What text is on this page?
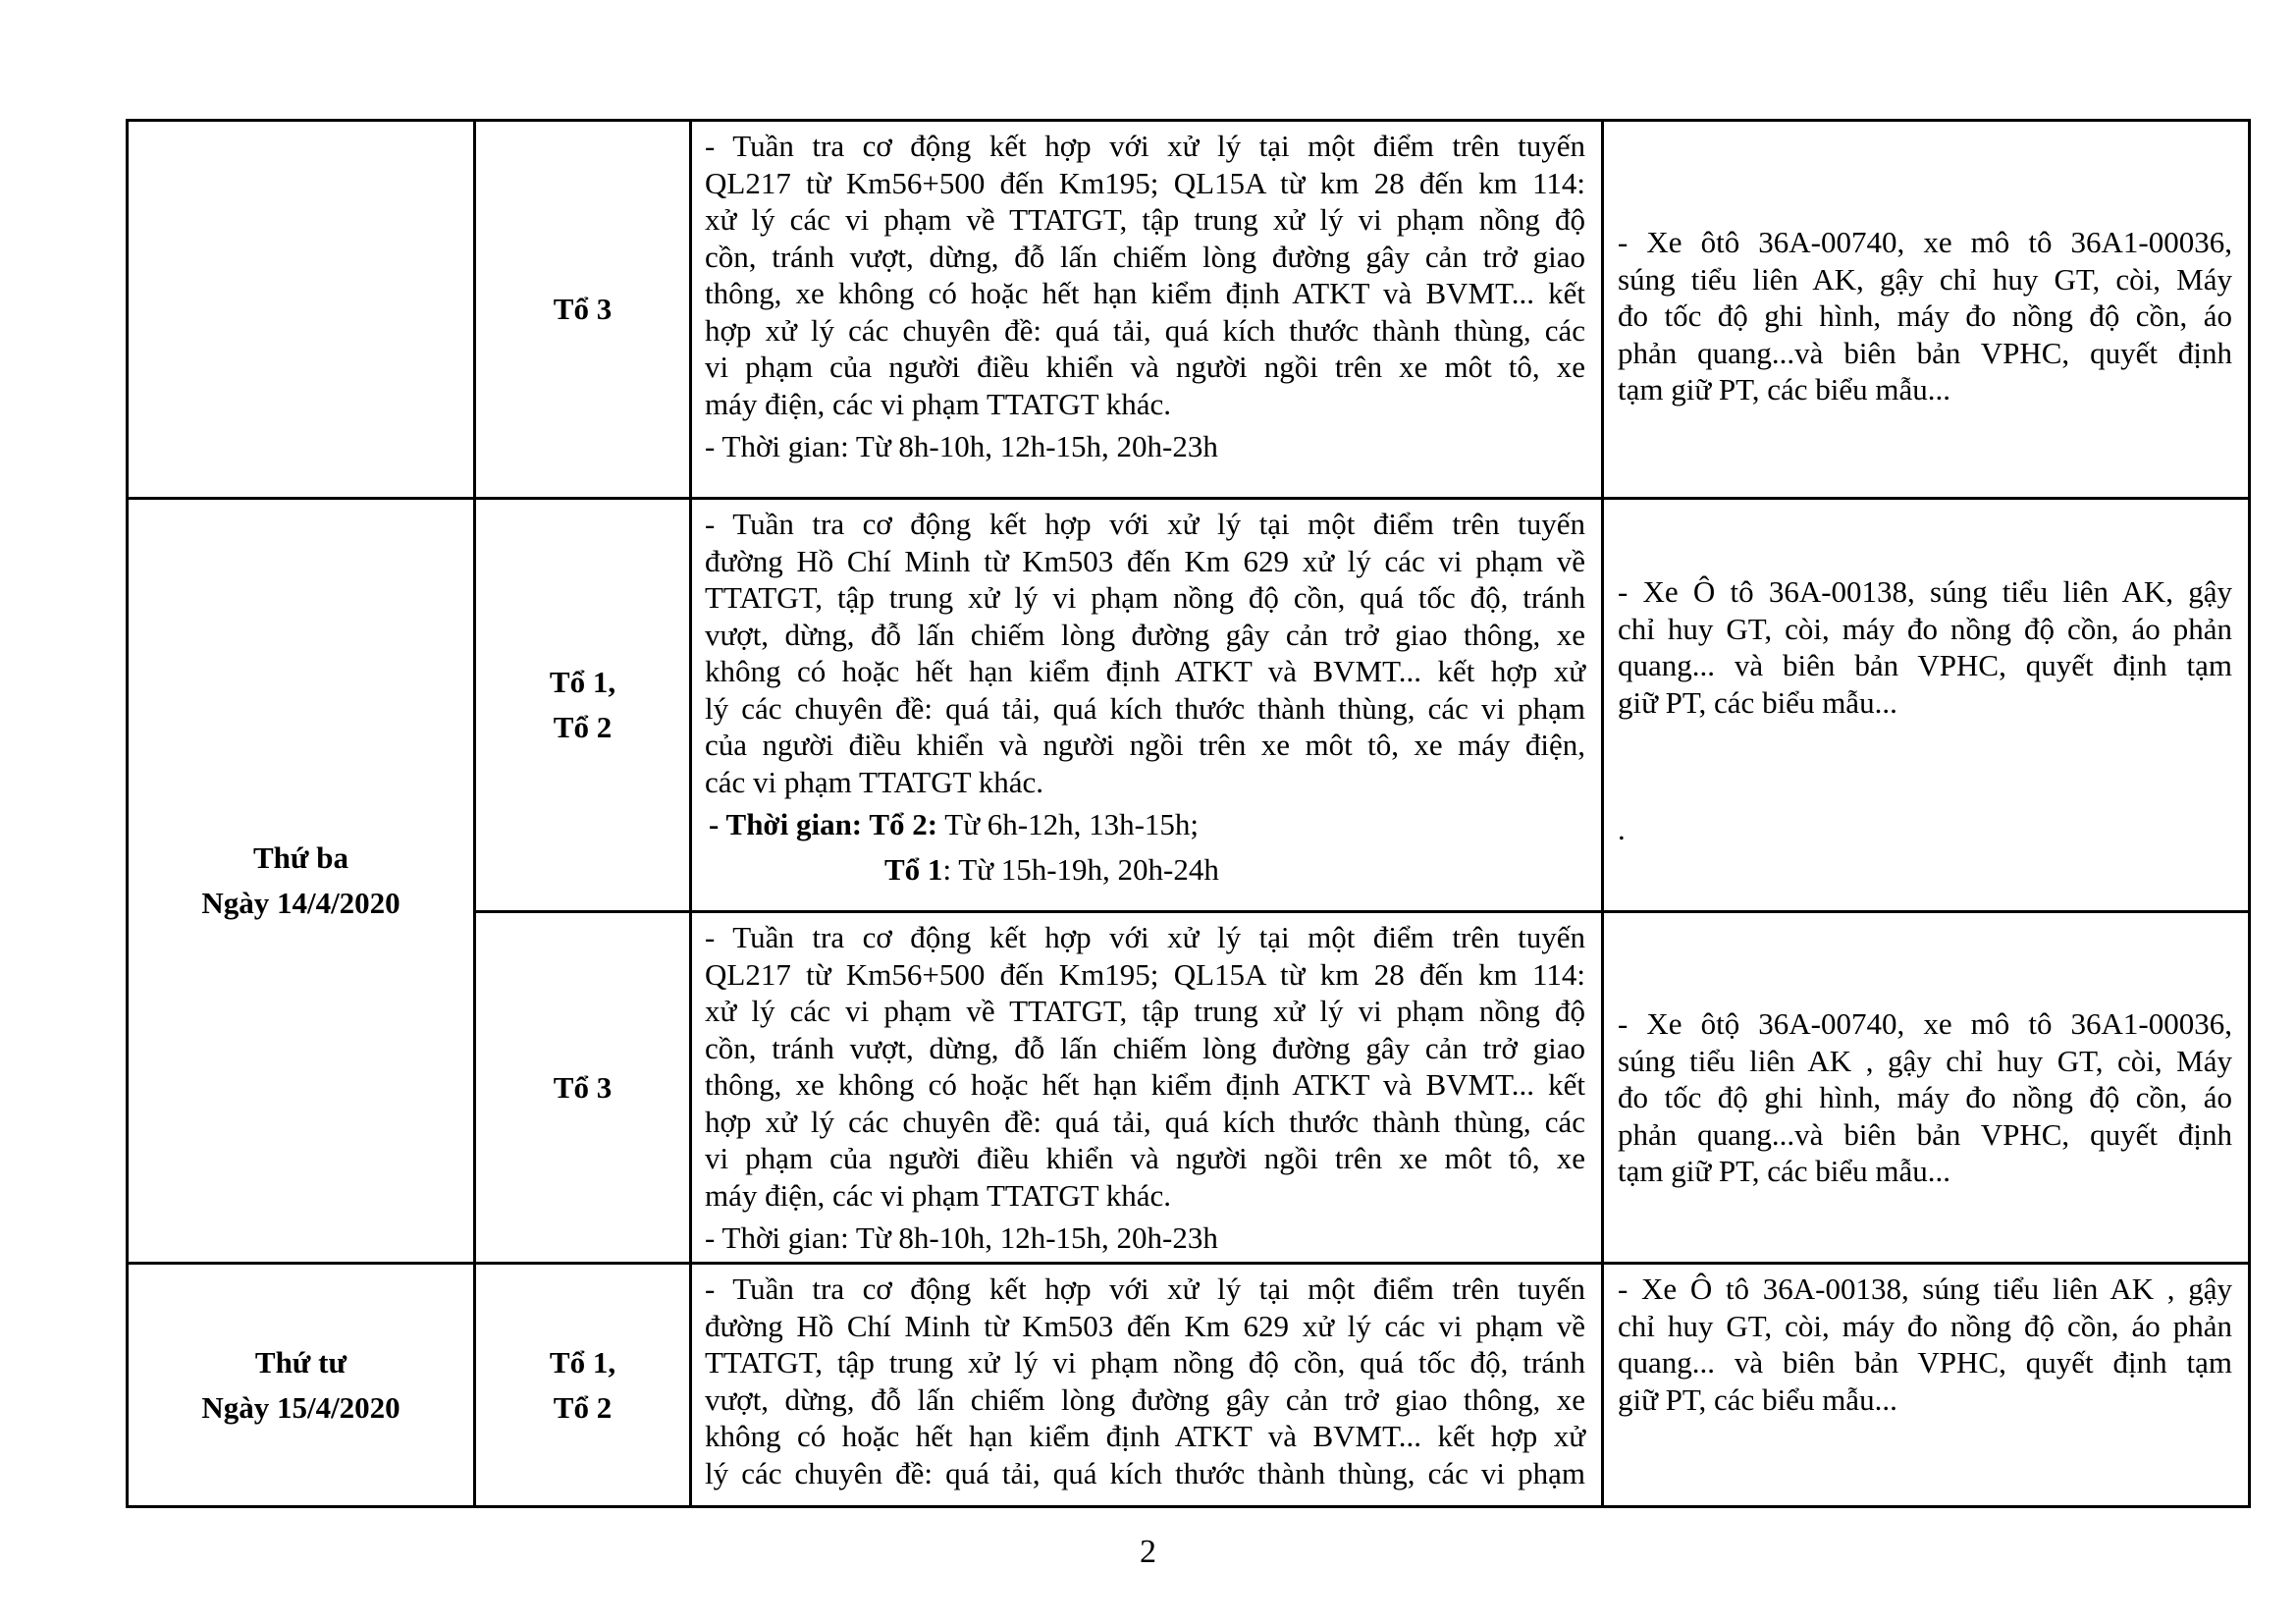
Tổ 3
- Tuần tra cơ động kết hợp với xử lý tại một điểm trên tuyến
QL217 từ Km56+500 đến Km195; QL15A từ km 28 đến km 114:
xử lý các vi phạm về TTATGT, tập trung xử lý vi phạm nồng độ
cồn, tránh vượt, dừng, đỗ lấn chiếm lòng đường gây cản trở giao
thông, xe không có hoặc hết hạn kiểm định ATKT và BVMT... kết
hợp xử lý các chuyên đề: quá tải, quá kích thước thành thùng, các
vi phạm của người điều khiển và người ngồi trên xe môt tô, xe
máy điện, các vi phạm TTATGT khác.
- Thời gian: Từ 8h-10h, 12h-15h, 20h-23h
- Xe ôtô 36A-00740, xe mô tô 36A1-00036,
súng tiểu liên AK, gậy chỉ huy GT, còi, Máy
đo tốc độ ghi hình, máy đo nồng độ cồn, áo
phản quang...và biên bản VPHC, quyết định
tạm giữ PT, các biểu mẫu...
Thứ ba
Ngày 14/4/2020
Tổ 1,
Tổ 2
- Tuần tra cơ động kết hợp với xử lý tại một điểm trên tuyến
đường Hồ Chí Minh từ Km503 đến Km 629 xử lý các vi phạm về
TTATGT, tập trung xử lý vi phạm nồng độ cồn, quá tốc độ, tránh
vượt, dừng, đỗ lấn chiếm lòng đường gây cản trở giao thông, xe
không có hoặc hết hạn kiểm định ATKT và BVMT... kết hợp xử
lý các chuyên đề: quá tải, quá kích thước thành thùng, các vi phạm
của người điều khiển và người ngồi trên xe môt tô, xe máy điện,
các vi phạm TTATGT khác.
- Thời gian: Tổ 2: Từ 6h-12h, 13h-15h;
Tổ 1: Từ 15h-19h, 20h-24h
- Xe Ô tô 36A-00138, súng tiểu liên AK, gậy
chỉ huy GT, còi, máy đo nồng độ cồn, áo phản
quang... và biên bản VPHC, quyết định tạm
giữ PT, các biểu mẫu...
.
Tổ 3
- Tuần tra cơ động kết hợp với xử lý tại một điểm trên tuyến
QL217 từ Km56+500 đến Km195; QL15A từ km 28 đến km 114:
xử lý các vi phạm về TTATGT, tập trung xử lý vi phạm nồng độ
cồn, tránh vượt, dừng, đỗ lấn chiếm lòng đường gây cản trở giao
thông, xe không có hoặc hết hạn kiểm định ATKT và BVMT... kết
hợp xử lý các chuyên đề: quá tải, quá kích thước thành thùng, các
vi phạm của người điều khiển và người ngồi trên xe môt tô, xe
máy điện, các vi phạm TTATGT khác.
- Thời gian: Từ 8h-10h, 12h-15h, 20h-23h
- Xe ôtộ 36A-00740, xe mô tô 36A1-00036,
súng tiểu liên AK , gậy chỉ huy GT, còi, Máy
đo tốc độ ghi hình, máy đo nồng độ cồn, áo
phản quang...và biên bản VPHC, quyết định
tạm giữ PT, các biểu mẫu...
Thứ tư
Ngày 15/4/2020
Tổ 1,
Tổ 2
- Tuần tra cơ động kết hợp với xử lý tại một điểm trên tuyến
đường Hồ Chí Minh từ Km503 đến Km 629 xử lý các vi phạm về
TTATGT, tập trung xử lý vi phạm nồng độ cồn, quá tốc độ, tránh
vượt, dừng, đỗ lấn chiếm lòng đường gây cản trở giao thông, xe
không có hoặc hết hạn kiểm định ATKT và BVMT... kết hợp xử
lý các chuyên đề: quá tải, quá kích thước thành thùng, các vi phạm
- Xe Ô tô 36A-00138, súng tiểu liên AK , gậy
chỉ huy GT, còi, máy đo nồng độ cồn, áo phản
quang... và biên bản VPHC, quyết định tạm
giữ PT, các biểu mẫu...
2
